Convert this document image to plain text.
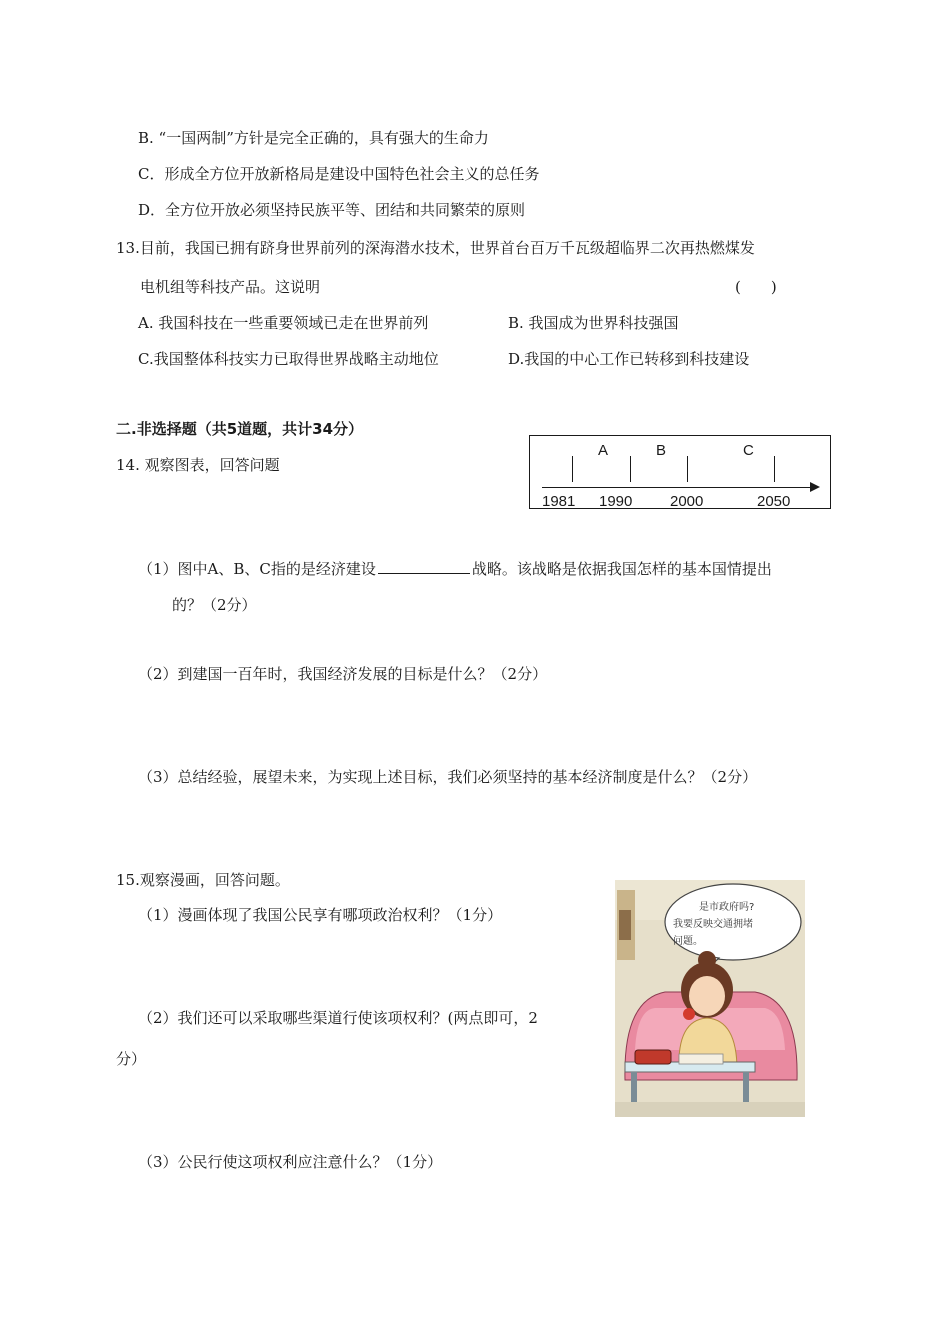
B. “一国两制”方针是完全正确的，具有强大的生命力
C．形成全方位开放新格局是建设中国特色社会主义的总任务
D．全方位开放必须坚持民族平等、团结和共同繁荣的原则
13.目前，我国已拥有跻身世界前列的深海潜水技术，世界首台百万千瓦级超临界二次再热燃煤发
电机组等科技产品。这说明	(　　)
A. 我国科技在一些重要领域已走在世界前列	B. 我国成为世界科技强国
C.我国整体科技实力已取得世界战略主动地位	D.我国的中心工作已转移到科技建设
二.非选择题（共5道题，共计34分）
14. 观察图表，回答问题
A	B	C
1981 1990	2000	2050
（1）图中A、B、C指的是经济建设	战略。该战略是依据我国怎样的基本国情提出
的？（2分）
（2）到建国一百年时，我国经济发展的目标是什么？（2分）
（3）总结经验，展望未来，为实现上述目标，我们必须坚持的基本经济制度是什么？（2分）
15.观察漫画，回答问题。
（1）漫画体现了我国公民享有哪项政治权利？（1分）
（2）我们还可以采取哪些渠道行使该项权利？(两点即可，2
分）
（3）公民行使这项权利应注意什么？（1分）
是市政府吗?
我要反映交通拥堵
问题。
